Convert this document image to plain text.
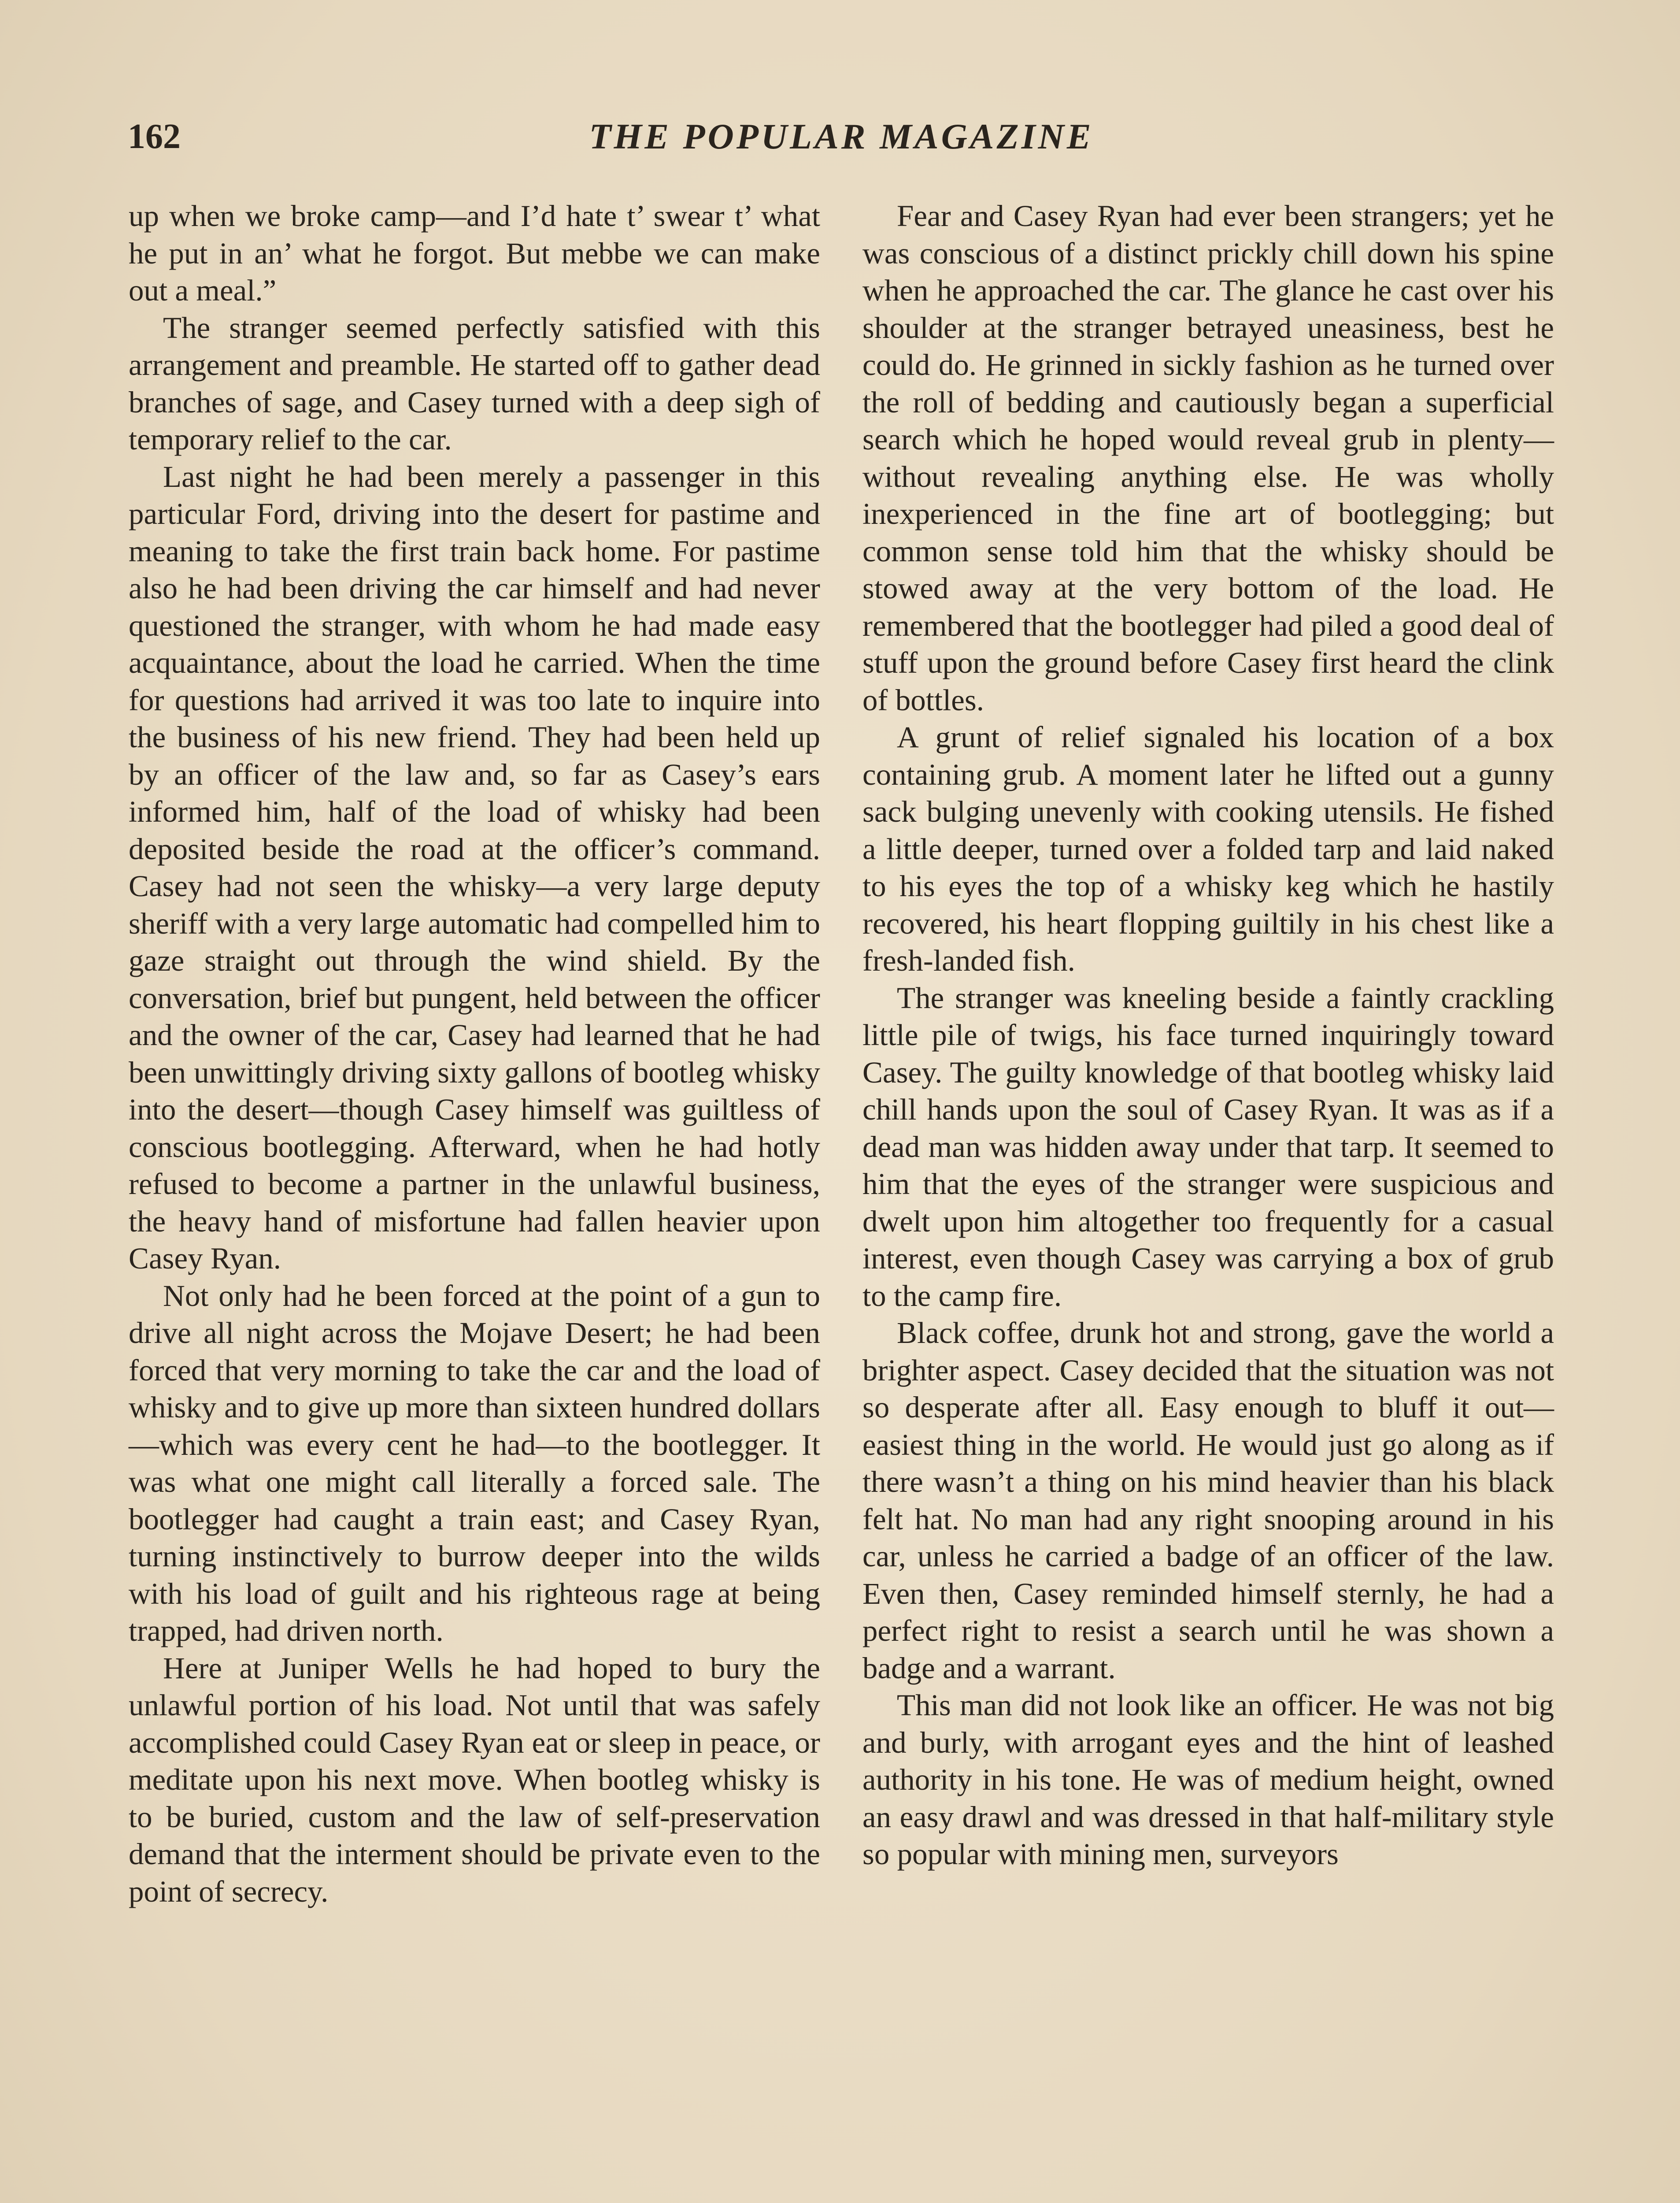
162	THE POPULAR MAGAZINE

up when we broke camp—and I’d hate t’ swear t’ what he put in an’ what he forgot. But mebbe we can make out a meal.”

The stranger seemed perfectly satisfied with this arrangement and preamble. He started off to gather dead branches of sage, and Casey turned with a deep sigh of temporary relief to the car.

Last night he had been merely a passenger in this particular Ford, driving into the desert for pastime and meaning to take the first train back home. For pastime also he had been driving the car himself and had never questioned the stranger, with whom he had made easy acquaintance, about the load he carried. When the time for questions had arrived it was too late to inquire into the business of his new friend. They had been held up by an officer of the law and, so far as Casey’s ears informed him, half of the load of whisky had been deposited beside the road at the officer’s command. Casey had not seen the whisky—a very large deputy sheriff with a very large automatic had compelled him to gaze straight out through the wind shield. By the conversation, brief but pungent, held between the officer and the owner of the car, Casey had learned that he had been unwittingly driving sixty gallons of bootleg whisky into the desert—though Casey himself was guiltless of conscious bootlegging. Afterward, when he had hotly refused to become a partner in the unlawful business, the heavy hand of misfortune had fallen heavier upon Casey Ryan.

Not only had he been forced at the point of a gun to drive all night across the Mojave Desert; he had been forced that very morning to take the car and the load of whisky and to give up more than sixteen hundred dollars—which was every cent he had—to the bootlegger. It was what one might call literally a forced sale. The bootlegger had caught a train east; and Casey Ryan, turning instinctively to burrow deeper into the wilds with his load of guilt and his righteous rage at being trapped, had driven north.

Here at Juniper Wells he had hoped to bury the unlawful portion of his load. Not until that was safely accomplished could Casey Ryan eat or sleep in peace, or meditate upon his next move. When bootleg whisky is to be buried, custom and the law of self-preservation demand that the interment should be private even to the point of secrecy.

Fear and Casey Ryan had ever been strangers; yet he was conscious of a distinct prickly chill down his spine when he approached the car. The glance he cast over his shoulder at the stranger betrayed uneasiness, best he could do. He grinned in sickly fashion as he turned over the roll of bedding and cautiously began a superficial search which he hoped would reveal grub in plenty—without revealing anything else. He was wholly inexperienced in the fine art of bootlegging; but common sense told him that the whisky should be stowed away at the very bottom of the load. He remembered that the bootlegger had piled a good deal of stuff upon the ground before Casey first heard the clink of bottles.

A grunt of relief signaled his location of a box containing grub. A moment later he lifted out a gunny sack bulging unevenly with cooking utensils. He fished a little deeper, turned over a folded tarp and laid naked to his eyes the top of a whisky keg which he hastily recovered, his heart flopping guiltily in his chest like a fresh-landed fish.

The stranger was kneeling beside a faintly crackling little pile of twigs, his face turned inquiringly toward Casey. The guilty knowledge of that bootleg whisky laid chill hands upon the soul of Casey Ryan. It was as if a dead man was hidden away under that tarp. It seemed to him that the eyes of the stranger were suspicious and dwelt upon him altogether too frequently for a casual interest, even though Casey was carrying a box of grub to the camp fire.

Black coffee, drunk hot and strong, gave the world a brighter aspect. Casey decided that the situation was not so desperate after all. Easy enough to bluff it out—easiest thing in the world. He would just go along as if there wasn’t a thing on his mind heavier than his black felt hat. No man had any right snooping around in his car, unless he carried a badge of an officer of the law. Even then, Casey reminded himself sternly, he had a perfect right to resist a search until he was shown a badge and a warrant.

This man did not look like an officer. He was not big and burly, with arrogant eyes and the hint of leashed authority in his tone. He was of medium height, owned an easy drawl and was dressed in that half-military style so popular with mining men, surveyors
